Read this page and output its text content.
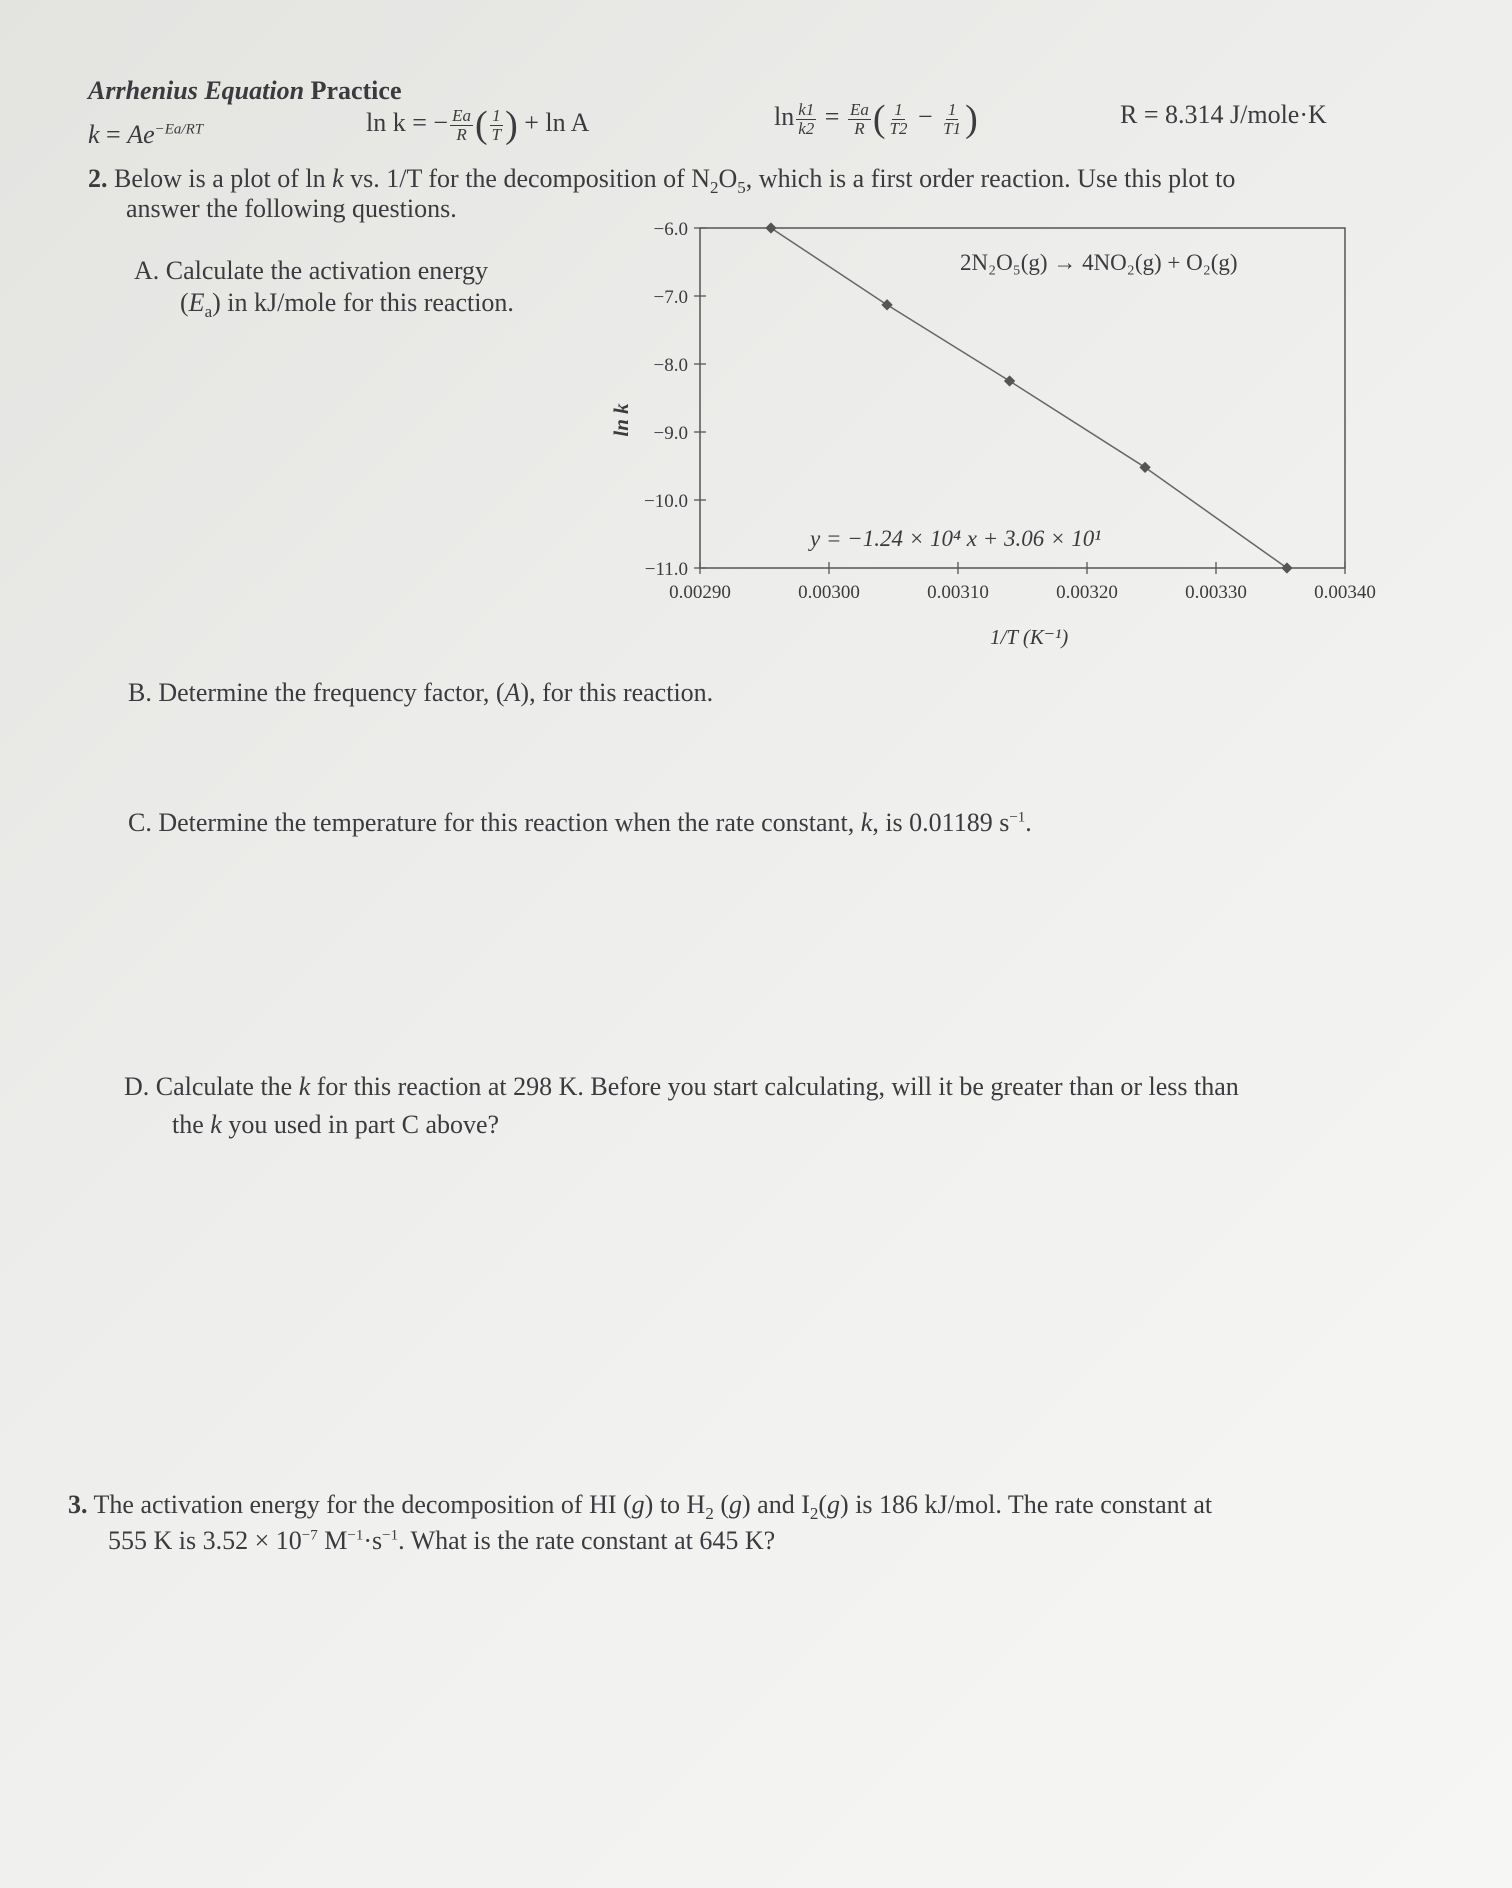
Arrhenius Equation Practice
$k = Ae^{-Ea/RT}$	ln k = − $\frac{Ea}{R}$ ( $\frac{1}{T}$ ) + ln A	$\ln \frac{k1}{k2} = \frac{Ea}{R}$ ( $\frac{1}{T2} - \frac{1}{T1}$ )	R = 8.314 J/mole·K
2. Below is a plot of ln k vs. 1/T for the decomposition of $N_2O_5$, which is a first order reaction. Use this plot to
answer the following questions.
A. Calculate the activation energy
$(E_a)$ in kJ/mole for this reaction.
−6.0
−7.0
−8.0
−9.0
−10.0
−11.0
0.00290	0.00300	0.00310	0.00320	0.00330	0.00340
2N₂O₅(g) → 4NO₂(g) + O₂(g)
y = −1.24 × 10⁴ x + 3.06 × 10¹
1/T (K⁻¹)
ln k
B. Determine the frequency factor, (A), for this reaction.
C. Determine the temperature for this reaction when the rate constant, k, is 0.01189 $s^{-1}$.
D. Calculate the k for this reaction at 298 K. Before you start calculating, will it be greater than or less than
the k you used in part C above?
3. The activation energy for the decomposition of HI (g) to $H_2$ (g) and $I_2(g)$ is 186 kJ/mol. The rate constant at
555 K is $3.52 \times 10^{-7}$ $M^{-1}\cdot s^{-1}$. What is the rate constant at 645 K?
